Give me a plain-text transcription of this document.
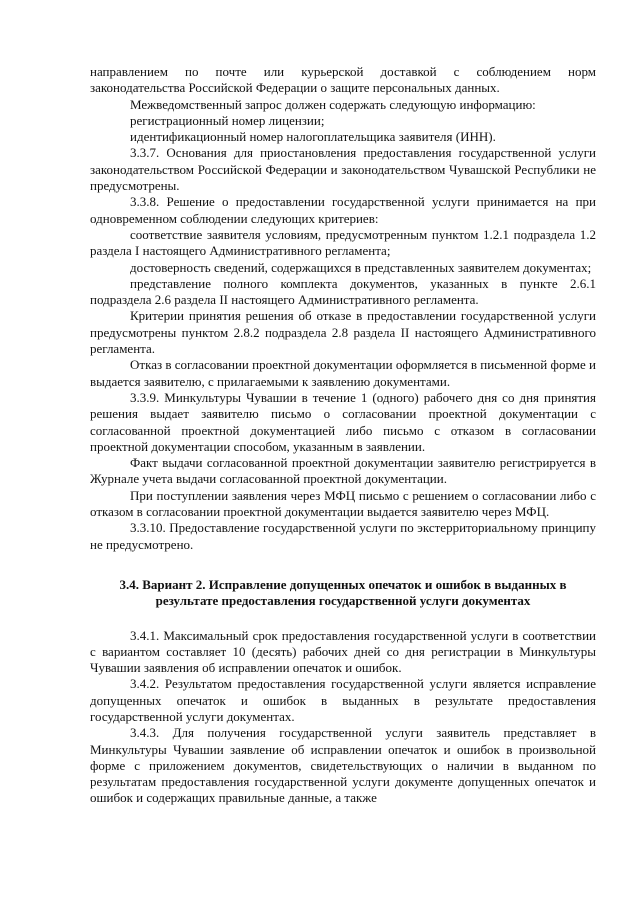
направлением по почте или курьерской доставкой с соблюдением норм
законодательства Российской Федерации о защите персональных данных.

Межведомственный запрос должен содержать следующую информацию:

регистрационный номер лицензии;

идентификационный номер налогоплательщика заявителя (ИНН).

3.3.7. Основания для приостановления предоставления государственной услуги законодательством Российской Федерации и законодательством Чувашской Республики не предусмотрены.

3.3.8. Решение о предоставлении государственной услуги принимается на при одновременном соблюдении следующих критериев:

соответствие заявителя условиям, предусмотренным пунктом 1.2.1 подраздела 1.2 раздела I настоящего Административного регламента;

достоверность сведений, содержащихся в представленных заявителем документах;

представление полного комплекта документов, указанных в пункте 2.6.1 подраздела 2.6 раздела II настоящего Административного регламента.

Критерии принятия решения об отказе в предоставлении государственной услуги предусмотрены пунктом 2.8.2 подраздела 2.8 раздела II настоящего Административного регламента.

Отказ в согласовании проектной документации оформляется в письменной форме и выдается заявителю, с прилагаемыми к заявлению документами.

3.3.9. Минкультуры Чувашии в течение 1 (одного) рабочего дня со дня принятия решения выдает заявителю письмо о согласовании проектной документации с согласованной проектной документацией либо письмо с отказом в согласовании проектной документации способом, указанным в заявлении.

Факт выдачи согласованной проектной документации заявителю регистрируется в Журнале учета выдачи согласованной проектной документации.

При поступлении заявления через МФЦ письмо с решением о согласовании либо с отказом в согласовании проектной документации выдается заявителю через МФЦ.

3.3.10. Предоставление государственной услуги по экстерриториальному принципу не предусмотрено.

3.4. Вариант 2. Исправление допущенных опечаток и ошибок в выданных в результате предоставления государственной услуги документах

3.4.1. Максимальный срок предоставления государственной услуги в соответствии с вариантом составляет 10 (десять) рабочих дней со дня регистрации в Минкультуры Чувашии заявления об исправлении опечаток и ошибок.

3.4.2. Результатом предоставления государственной услуги является исправление допущенных опечаток и ошибок в выданных в результате предоставления государственной услуги документах.

3.4.3. Для получения государственной услуги заявитель представляет в Минкультуры Чувашии заявление об исправлении опечаток и ошибок в произвольной форме с приложением документов, свидетельствующих о наличии в выданном по результатам предоставления государственной услуги документе допущенных опечаток и ошибок и содержащих правильные данные, а также
